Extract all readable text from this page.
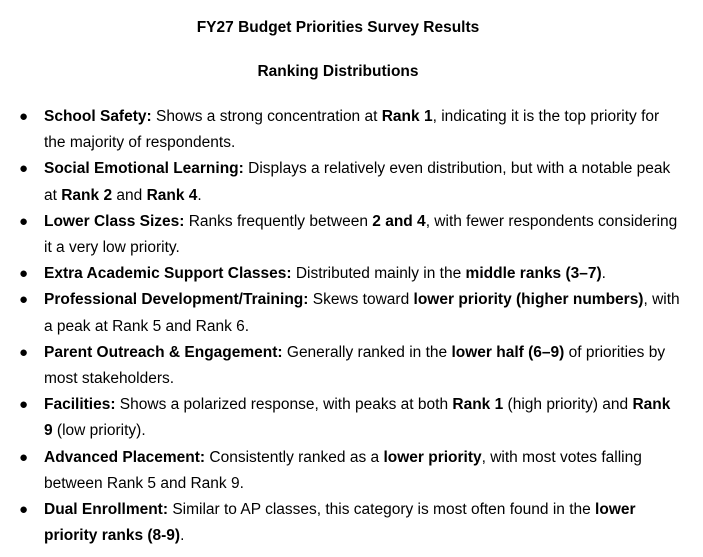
FY27 Budget Priorities Survey Results
Ranking Distributions
● School Safety: Shows a strong concentration at Rank 1, indicating it is the top priority for the majority of respondents.
● Social Emotional Learning: Displays a relatively even distribution, but with a notable peak at Rank 2 and Rank 4.
● Lower Class Sizes: Ranks frequently between 2 and 4, with fewer respondents considering it a very low priority.
● Extra Academic Support Classes: Distributed mainly in the middle ranks (3–7).
● Professional Development/Training: Skews toward lower priority (higher numbers), with a peak at Rank 5 and Rank 6.
● Parent Outreach & Engagement: Generally ranked in the lower half (6–9) of priorities by most stakeholders.
● Facilities: Shows a polarized response, with peaks at both Rank 1 (high priority) and Rank 9 (low priority).
● Advanced Placement: Consistently ranked as a lower priority, with most votes falling between Rank 5 and Rank 9.
● Dual Enrollment: Similar to AP classes, this category is most often found in the lower priority ranks (8-9).
